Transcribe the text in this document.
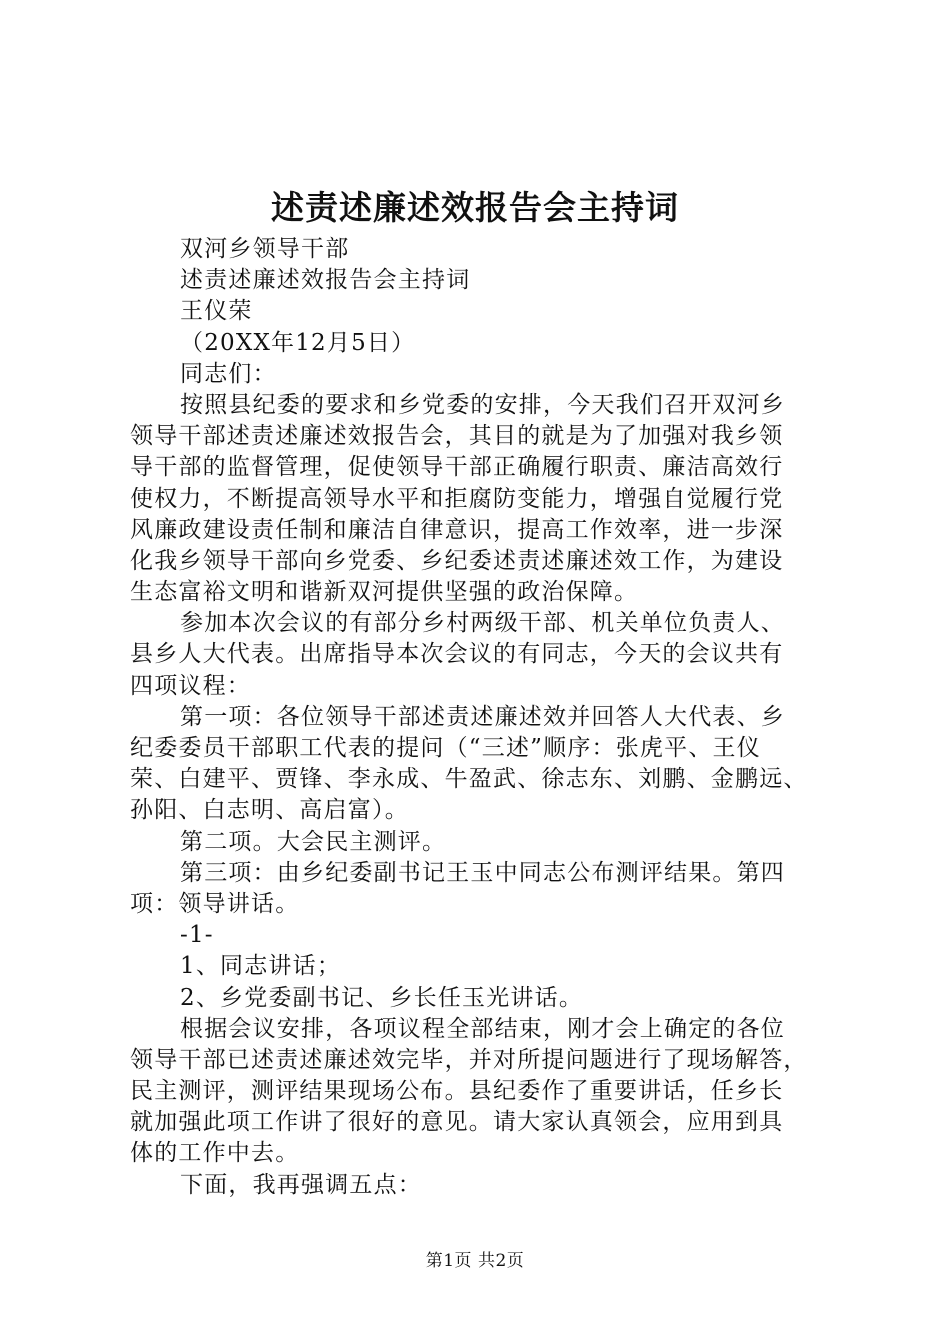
述责述廉述效报告会主持词
双河乡领导干部
述责述廉述效报告会主持词
王仪荣
（20XX年12月5日）
同志们：
按照县纪委的要求和乡党委的安排，今天我们召开双河乡
领导干部述责述廉述效报告会，其目的就是为了加强对我乡领
导干部的监督管理，促使领导干部正确履行职责、廉洁高效行
使权力，不断提高领导水平和拒腐防变能力，增强自觉履行党
风廉政建设责任制和廉洁自律意识，提高工作效率，进一步深
化我乡领导干部向乡党委、乡纪委述责述廉述效工作，为建设
生态富裕文明和谐新双河提供坚强的政治保障。
参加本次会议的有部分乡村两级干部、机关单位负责人、
县乡人大代表。出席指导本次会议的有同志，今天的会议共有
四项议程：
第一项：各位领导干部述责述廉述效并回答人大代表、乡
纪委委员干部职工代表的提问（“三述”顺序：张虎平、王仪
荣、白建平、贾锋、李永成、牛盈武、徐志东、刘鹏、金鹏远、
孙阳、白志明、高启富）。
第二项。大会民主测评。
第三项：由乡纪委副书记王玉中同志公布测评结果。第四
项：领导讲话。
-1-
1、同志讲话；
2、乡党委副书记、乡长任玉光讲话。
根据会议安排，各项议程全部结束，刚才会上确定的各位
领导干部已述责述廉述效完毕，并对所提问题进行了现场解答，
民主测评，测评结果现场公布。县纪委作了重要讲话，任乡长
就加强此项工作讲了很好的意见。请大家认真领会，应用到具
体的工作中去。
下面，我再强调五点：
第1页 共2页
